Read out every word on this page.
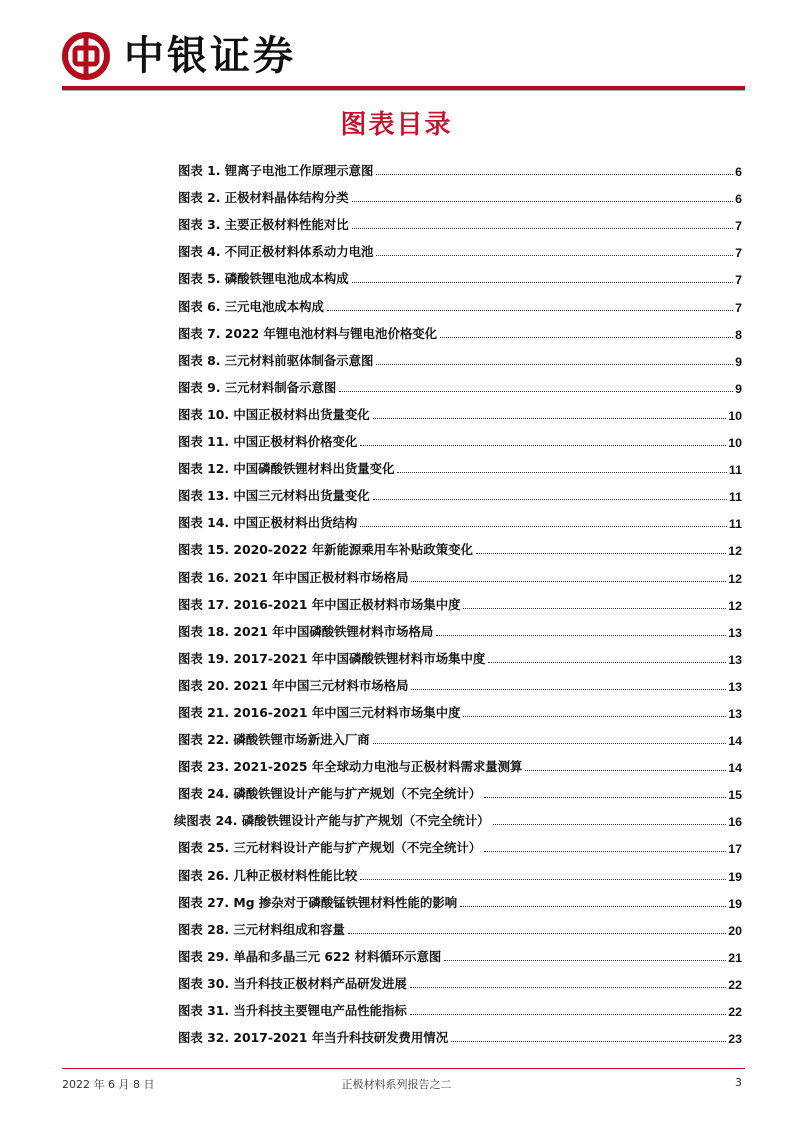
中银证券
图表目录
图表 1. 锂离子电池工作原理示意图	6
图表 2. 正极材料晶体结构分类	6
图表 3. 主要正极材料性能对比	7
图表 4. 不同正极材料体系动力电池	7
图表 5. 磷酸铁锂电池成本构成	7
图表 6. 三元电池成本构成	7
图表 7. 2022 年锂电池材料与锂电池价格变化	8
图表 8. 三元材料前驱体制备示意图	9
图表 9. 三元材料制备示意图	9
图表 10. 中国正极材料出货量变化	10
图表 11. 中国正极材料价格变化	10
图表 12. 中国磷酸铁锂材料出货量变化	11
图表 13. 中国三元材料出货量变化	11
图表 14. 中国正极材料出货结构	11
图表 15. 2020-2022 年新能源乘用车补贴政策变化	12
图表 16. 2021 年中国正极材料市场格局	12
图表 17. 2016-2021 年中国正极材料市场集中度	12
图表 18. 2021 年中国磷酸铁锂材料市场格局	13
图表 19. 2017-2021 年中国磷酸铁锂材料市场集中度	13
图表 20. 2021 年中国三元材料市场格局	13
图表 21. 2016-2021 年中国三元材料市场集中度	13
图表 22. 磷酸铁锂市场新进入厂商	14
图表 23. 2021-2025 年全球动力电池与正极材料需求量测算	14
图表 24. 磷酸铁锂设计产能与扩产规划（不完全统计）	15
续图表 24. 磷酸铁锂设计产能与扩产规划（不完全统计）	16
图表 25. 三元材料设计产能与扩产规划（不完全统计）	17
图表 26. 几种正极材料性能比较	19
图表 27. Mg 掺杂对于磷酸锰铁锂材料性能的影响	19
图表 28. 三元材料组成和容量	20
图表 29. 单晶和多晶三元 622 材料循环示意图	21
图表 30. 当升科技正极材料产品研发进展	22
图表 31. 当升科技主要锂电产品性能指标	22
图表 32. 2017-2021 年当升科技研发费用情况	23
2022 年 6 月 8 日	正极材料系列报告之二	3
